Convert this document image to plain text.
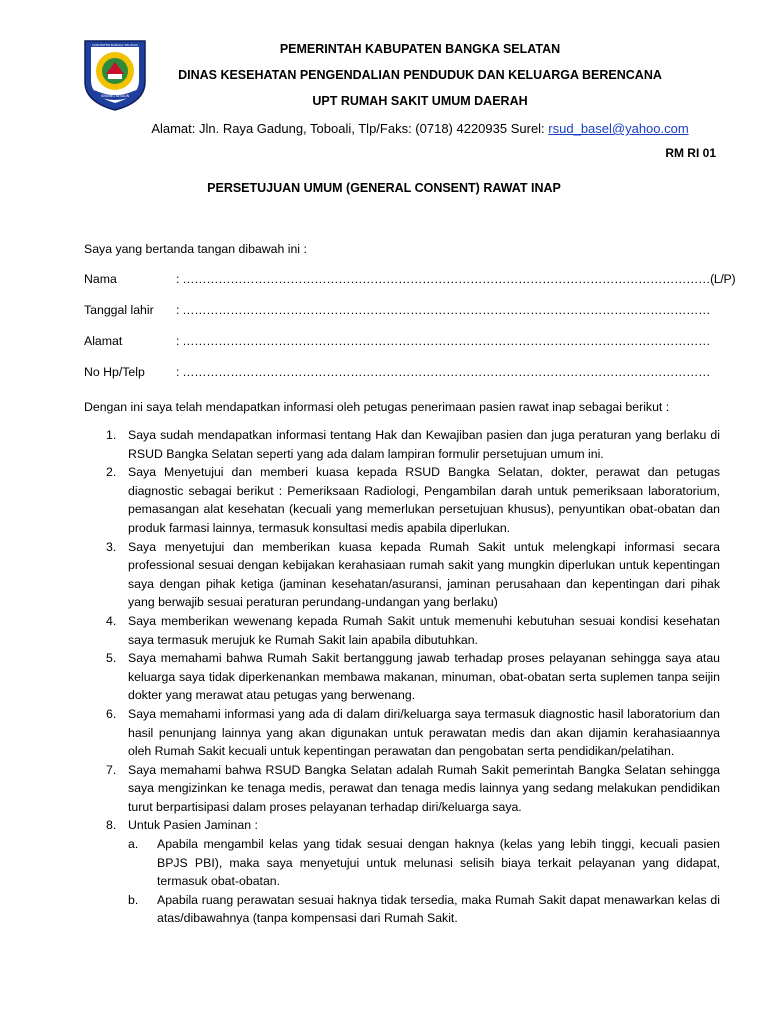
JUNJUNG BESAUN
KABUPATEN BANGKA SELATAN	PEMERINTAH KABUPATEN BANGKA SELATAN
DINAS KESEHATAN PENGENDALIAN PENDUDUK DAN KELUARGA BERENCANA
UPT RUMAH SAKIT UMUM DAERAH
Alamat: Jln. Raya Gadung, Toboali, Tlp/Faks: (0718) 4220935 Surel: rsud_basel@yahoo.com
RM RI 01
PERSETUJUAN UMUM (GENERAL CONSENT) RAWAT INAP
Saya yang bertanda tangan dibawah ini :
Nama	: ……………………………………………………………………………………………………………………(L/P)
Tanggal lahir : ……………………………………………………………………………………………………………………
Alamat	: ……………………………………………………………………………………………………………………
No Hp/Telp	: ……………………………………………………………………………………………………………………
Dengan ini saya telah mendapatkan informasi oleh petugas penerimaan pasien rawat inap sebagai berikut :
1. Saya sudah mendapatkan informasi tentang Hak dan Kewajiban pasien dan juga peraturan yang berlaku di RSUD Bangka Selatan seperti yang ada dalam lampiran formulir persetujuan umum ini.
2. Saya Menyetujui dan memberi kuasa kepada RSUD Bangka Selatan, dokter, perawat dan petugas diagnostic sebagai berikut : Pemeriksaan Radiologi, Pengambilan darah untuk pemeriksaan laboratorium, pemasangan alat kesehatan (kecuali yang memerlukan persetujuan khusus), penyuntikan obat-obatan dan produk farmasi lainnya, termasuk konsultasi medis apabila diperlukan.
3. Saya menyetujui dan memberikan kuasa kepada Rumah Sakit untuk melengkapi informasi secara professional sesuai dengan kebijakan kerahasiaan rumah sakit yang mungkin diperlukan untuk kepentingan saya dengan pihak ketiga (jaminan kesehatan/asuransi, jaminan perusahaan dan kepentingan dari pihak yang berwajib sesuai peraturan perundang-undangan yang berlaku)
4. Saya memberikan wewenang kepada Rumah Sakit untuk memenuhi kebutuhan sesuai kondisi kesehatan saya termasuk merujuk ke Rumah Sakit lain apabila dibutuhkan.
5. Saya memahami bahwa Rumah Sakit bertanggung jawab terhadap proses pelayanan sehingga saya atau keluarga saya tidak diperkenankan membawa makanan, minuman, obat-obatan serta suplemen tanpa seijin dokter yang merawat atau petugas yang berwenang.
6. Saya memahami informasi yang ada di dalam diri/keluarga saya termasuk diagnostic hasil laboratorium dan hasil penunjang lainnya yang akan digunakan untuk perawatan medis dan akan dijamin kerahasiaannya oleh Rumah Sakit kecuali untuk kepentingan perawatan dan pengobatan serta pendidikan/pelatihan.
7. Saya memahami bahwa RSUD Bangka Selatan adalah Rumah Sakit pemerintah Bangka Selatan sehingga saya mengizinkan ke tenaga medis, perawat dan tenaga medis lainnya yang sedang melakukan pendidikan turut berpartisipasi dalam proses pelayanan terhadap diri/keluarga saya.
8. Untuk Pasien Jaminan :
a. Apabila mengambil kelas yang tidak sesuai dengan haknya (kelas yang lebih tinggi, kecuali pasien BPJS PBI), maka saya menyetujui untuk melunasi selisih biaya terkait pelayanan yang didapat, termasuk obat-obatan.
b. Apabila ruang perawatan sesuai haknya tidak tersedia, maka Rumah Sakit dapat menawarkan kelas di atas/dibawahnya (tanpa kompensasi dari Rumah Sakit.
